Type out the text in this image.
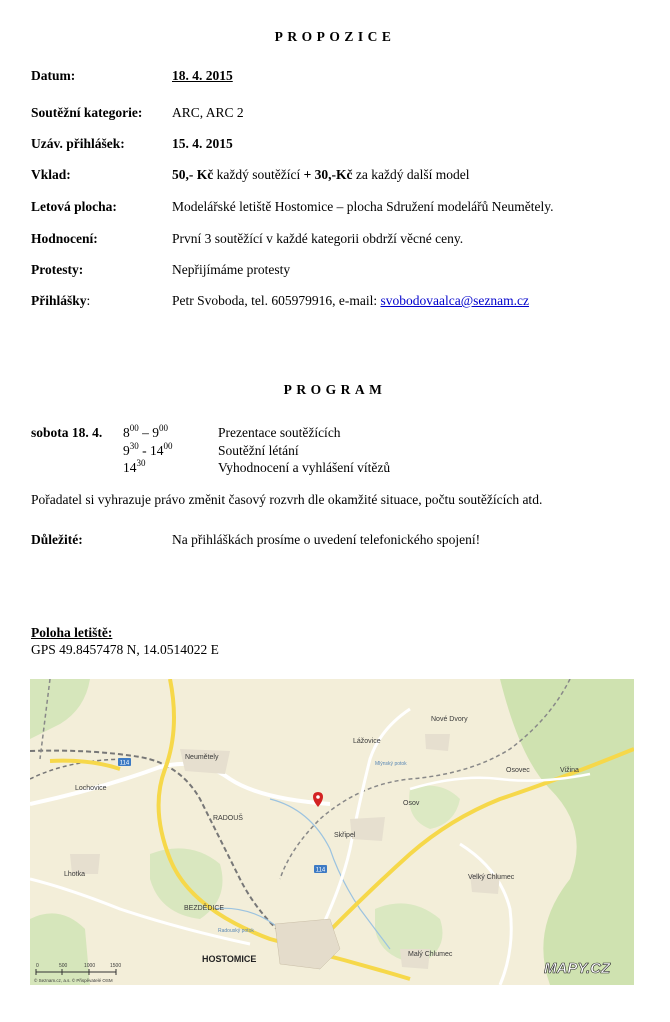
PROPOZICE
Datum:	18. 4. 2015
Soutěžní kategorie: ARC, ARC 2
Uzáv. přihlášek:	15. 4. 2015
Vklad:	50,- Kč každý soutěžící + 30,-Kč za každý další model
Letová plocha:	Modelářské letiště Hostomice – plocha Sdružení modelářů Neumětely.
Hodnocení:	První 3 soutěžící v každé kategorii obdrží věcné ceny.
Protesty:	Nepřijímáme protesty
Přihlášky:	Petr Svoboda, tel. 605979916, e-mail: svobodovaalca@seznam.cz
PROGRAM
sobota 18. 4. $8^{00} - 9^{00}$	Prezentace soutěžících
$9^{30} - 14^{00}$	Soutěžní létání
$14^{30}$	Vyhodnocení a vyhlášení vítězů
Pořadatel si vyhrazuje právo změnit časový rozvrh dle okamžité situace, počtu soutěžících atd.
Důležité:	Na přihláškách prosíme o uvedení telefonického spojení!
Poloha letiště:
GPS 49.8457478 N, 14.0514022 E
114
114
Neumětely
Lochovice
Lhotka
RADOUŠ
BEZDĚDICE
HOSTOMICE
Lážovice
Nové Dvory
Osovec	Vižina
Osov
Skřipel
Velký Chlumec
Malý Chlumec
Mlýnský potok
Radouský potok
0	500	1000	1500
© Seznam.cz, a.s. © Přispěvatelé OSM
MAPY.CZ
